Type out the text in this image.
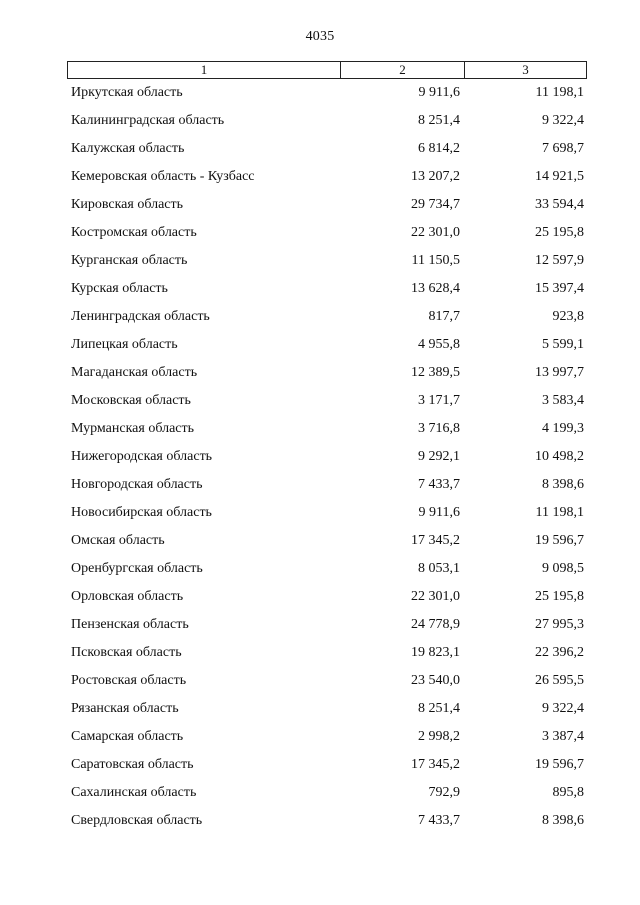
4035
1	2	3
Иркутская область	9 911,6	11 198,1
Калининградская область	8 251,4	9 322,4
Калужская область	6 814,2	7 698,7
Кемеровская область - Кузбасс	13 207,2	14 921,5
Кировская область	29 734,7	33 594,4
Костромская область	22 301,0	25 195,8
Курганская область	11 150,5	12 597,9
Курская область	13 628,4	15 397,4
Ленинградская область	817,7	923,8
Липецкая область	4 955,8	5 599,1
Магаданская область	12 389,5	13 997,7
Московская область	3 171,7	3 583,4
Мурманская область	3 716,8	4 199,3
Нижегородская область	9 292,1	10 498,2
Новгородская область	7 433,7	8 398,6
Новосибирская область	9 911,6	11 198,1
Омская область	17 345,2	19 596,7
Оренбургская область	8 053,1	9 098,5
Орловская область	22 301,0	25 195,8
Пензенская область	24 778,9	27 995,3
Псковская область	19 823,1	22 396,2
Ростовская область	23 540,0	26 595,5
Рязанская область	8 251,4	9 322,4
Самарская область	2 998,2	3 387,4
Саратовская область	17 345,2	19 596,7
Сахалинская область	792,9	895,8
Свердловская область	7 433,7	8 398,6
